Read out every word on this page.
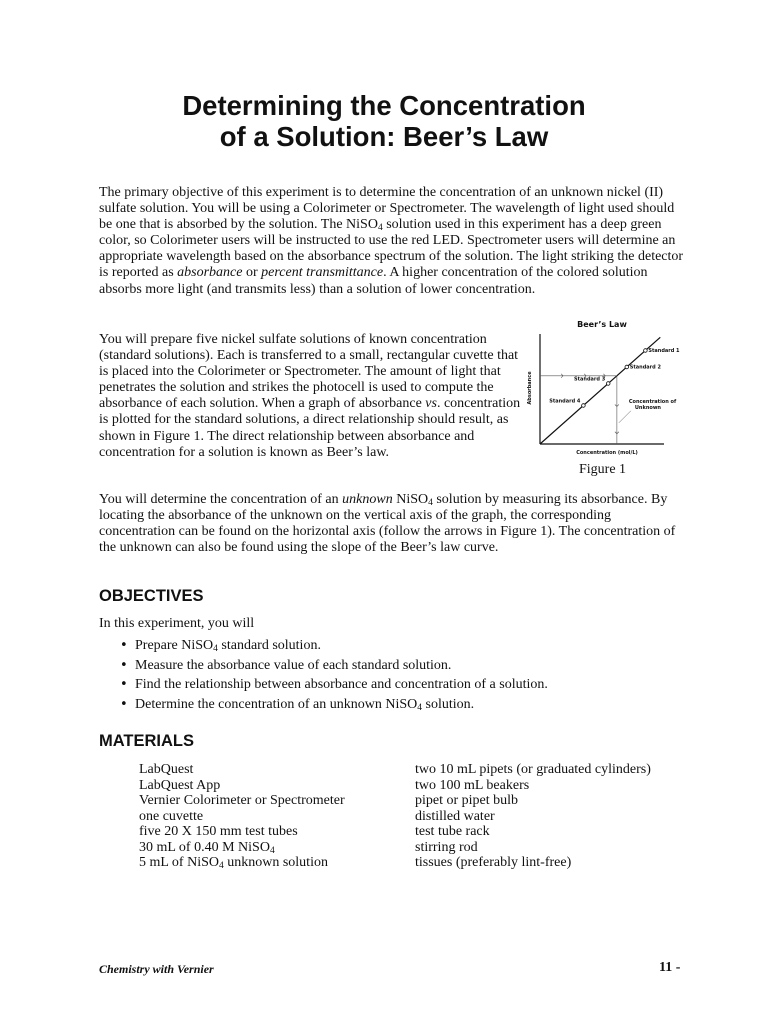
Determining the Concentration
of a Solution: Beer’s Law

The primary objective of this experiment is to determine the concentration of an unknown nickel (II) sulfate solution. You will be using a Colorimeter or Spectrometer. The wavelength of light used should be one that is absorbed by the solution. The NiSO$_4$ solution used in this experiment has a deep green color, so Colorimeter users will be instructed to use the red LED. Spectrometer users will determine an appropriate wavelength based on the absorbance spectrum of the solution. The light striking the detector is reported as absorbance or percent transmittance. A higher concentration of the colored solution absorbs more light (and transmits less) than a solution of lower concentration.

You will prepare five nickel sulfate solutions of known concentration (standard solutions). Each is transferred to a small, rectangular cuvette that is placed into the Colorimeter or Spectrometer. The amount of light that penetrates the solution and strikes the photocell is used to compute the absorbance of each solution. When a graph of absorbance vs. concentration is plotted for the standard solutions, a direct relationship should result, as shown in Figure 1. The direct relationship between absorbance and concentration for a solution is known as Beer’s law.

Beer’s Law
Absorbance
Concentration (mol/L)
Standard 4
Standard 3
Standard 2
Standard 1
Concentration of
Unknown

Figure 1

You will determine the concentration of an unknown NiSO$_4$ solution by measuring its absorbance. By locating the absorbance of the unknown on the vertical axis of the graph, the corresponding concentration can be found on the horizontal axis (follow the arrows in Figure 1). The concentration of the unknown can also be found using the slope of the Beer’s law curve.

OBJECTIVES

In this experiment, you will

• Prepare NiSO$_4$ standard solution.
• Measure the absorbance value of each standard solution.
• Find the relationship between absorbance and concentration of a solution.
• Determine the concentration of an unknown NiSO$_4$ solution.
MATERIALS
LabQuest
LabQuest App
Vernier Colorimeter or Spectrometer
one cuvette
five 20 X 150 mm test tubes
30 mL of 0.40 M NiSO$_4$
5 mL of NiSO$_4$ unknown solution
two 10 mL pipets (or graduated cylinders)
two 100 mL beakers
pipet or pipet bulb
distilled water
test tube rack
stirring rod
tissues (preferably lint-free)
Chemistry with Vernier	11 -
